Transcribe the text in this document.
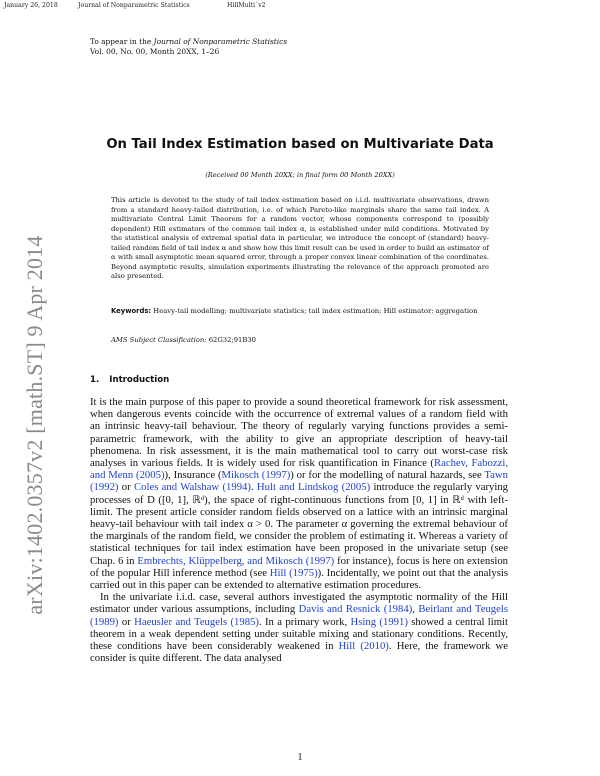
January 26, 2018	Journal of Nonparametric Statistics	HillMulti˙v2
To appear in the Journal of Nonparametric Statistics
Vol. 00, No. 00, Month 20XX, 1–26
arXiv:1402.0357v2 [math.ST] 9 Apr 2014
On Tail Index Estimation based on Multivariate Data
(Received 00 Month 20XX; in final form 00 Month 20XX)
This article is devoted to the study of tail index estimation based on i.i.d. multivariate observations, drawn from a standard heavy-tailed distribution, i.e. of which Pareto-like marginals share the same tail index. A multivariate Central Limit Theorem for a random vector, whose components correspond to (possibly dependent) Hill estimators of the common tail index α, is established under mild conditions. Motivated by the statistical analysis of extremal spatial data in particular, we introduce the concept of (standard) heavy-tailed random field of tail index α and show how this limit result can be used in order to build an estimator of α with small asymptotic mean squared error, through a proper convex linear combination of the coordinates. Beyond asymptotic results, simulation experiments illustrating the relevance of the approach promoted are also presented.
Keywords: Heavy-tail modelling; multivariate statistics; tail index estimation; Hill estimator; aggregation
AMS Subject Classification: 62G32;91B30
1. Introduction

It is the main purpose of this paper to provide a sound theoretical framework for risk assessment, when dangerous events coincide with the occurrence of extremal values of a random field with an intrinsic heavy-tail behaviour. The theory of regularly varying functions provides a semi-parametric framework, with the ability to give an appropriate description of heavy-tail phenomena. In risk assessment, it is the main mathematical tool to carry out worst-case risk analyses in various fields. It is widely used for risk quantification in Finance (Rachev, Fabozzi, and Menn (2005)), Insurance (Mikosch (1997)) or for the modelling of natural hazards, see Tawn (1992) or Coles and Walshaw (1994). Hult and Lindskog (2005) introduce the regularly varying processes of D ([0, 1], ℝᵈ), the space of right-continuous functions from [0, 1] in ℝᵈ with left-limit. The present article consider random fields observed on a lattice with an intrinsic marginal heavy-tail behaviour with tail index α > 0. The parameter α governing the extremal behaviour of the marginals of the random field, we consider the problem of estimating it. Whereas a variety of statistical techniques for tail index estimation have been proposed in the univariate setup (see Chap. 6 in Embrechts, Klüppelberg, and Mikosch (1997) for instance), focus is here on extension of the popular Hill inference method (see Hill (1975)). Incidentally, we point out that the analysis carried out in this paper can be extended to alternative estimation procedures.

In the univariate i.i.d. case, several authors investigated the asymptotic normality of the Hill estimator under various assumptions, including Davis and Resnick (1984), Beirlant and Teugels (1989) or Haeusler and Teugels (1985). In a primary work, Hsing (1991) showed a central limit theorem in a weak dependent setting under suitable mixing and stationary conditions. Recently, these conditions have been considerably weakened in Hill (2010). Here, the framework we consider is quite different. The data analysed

1
